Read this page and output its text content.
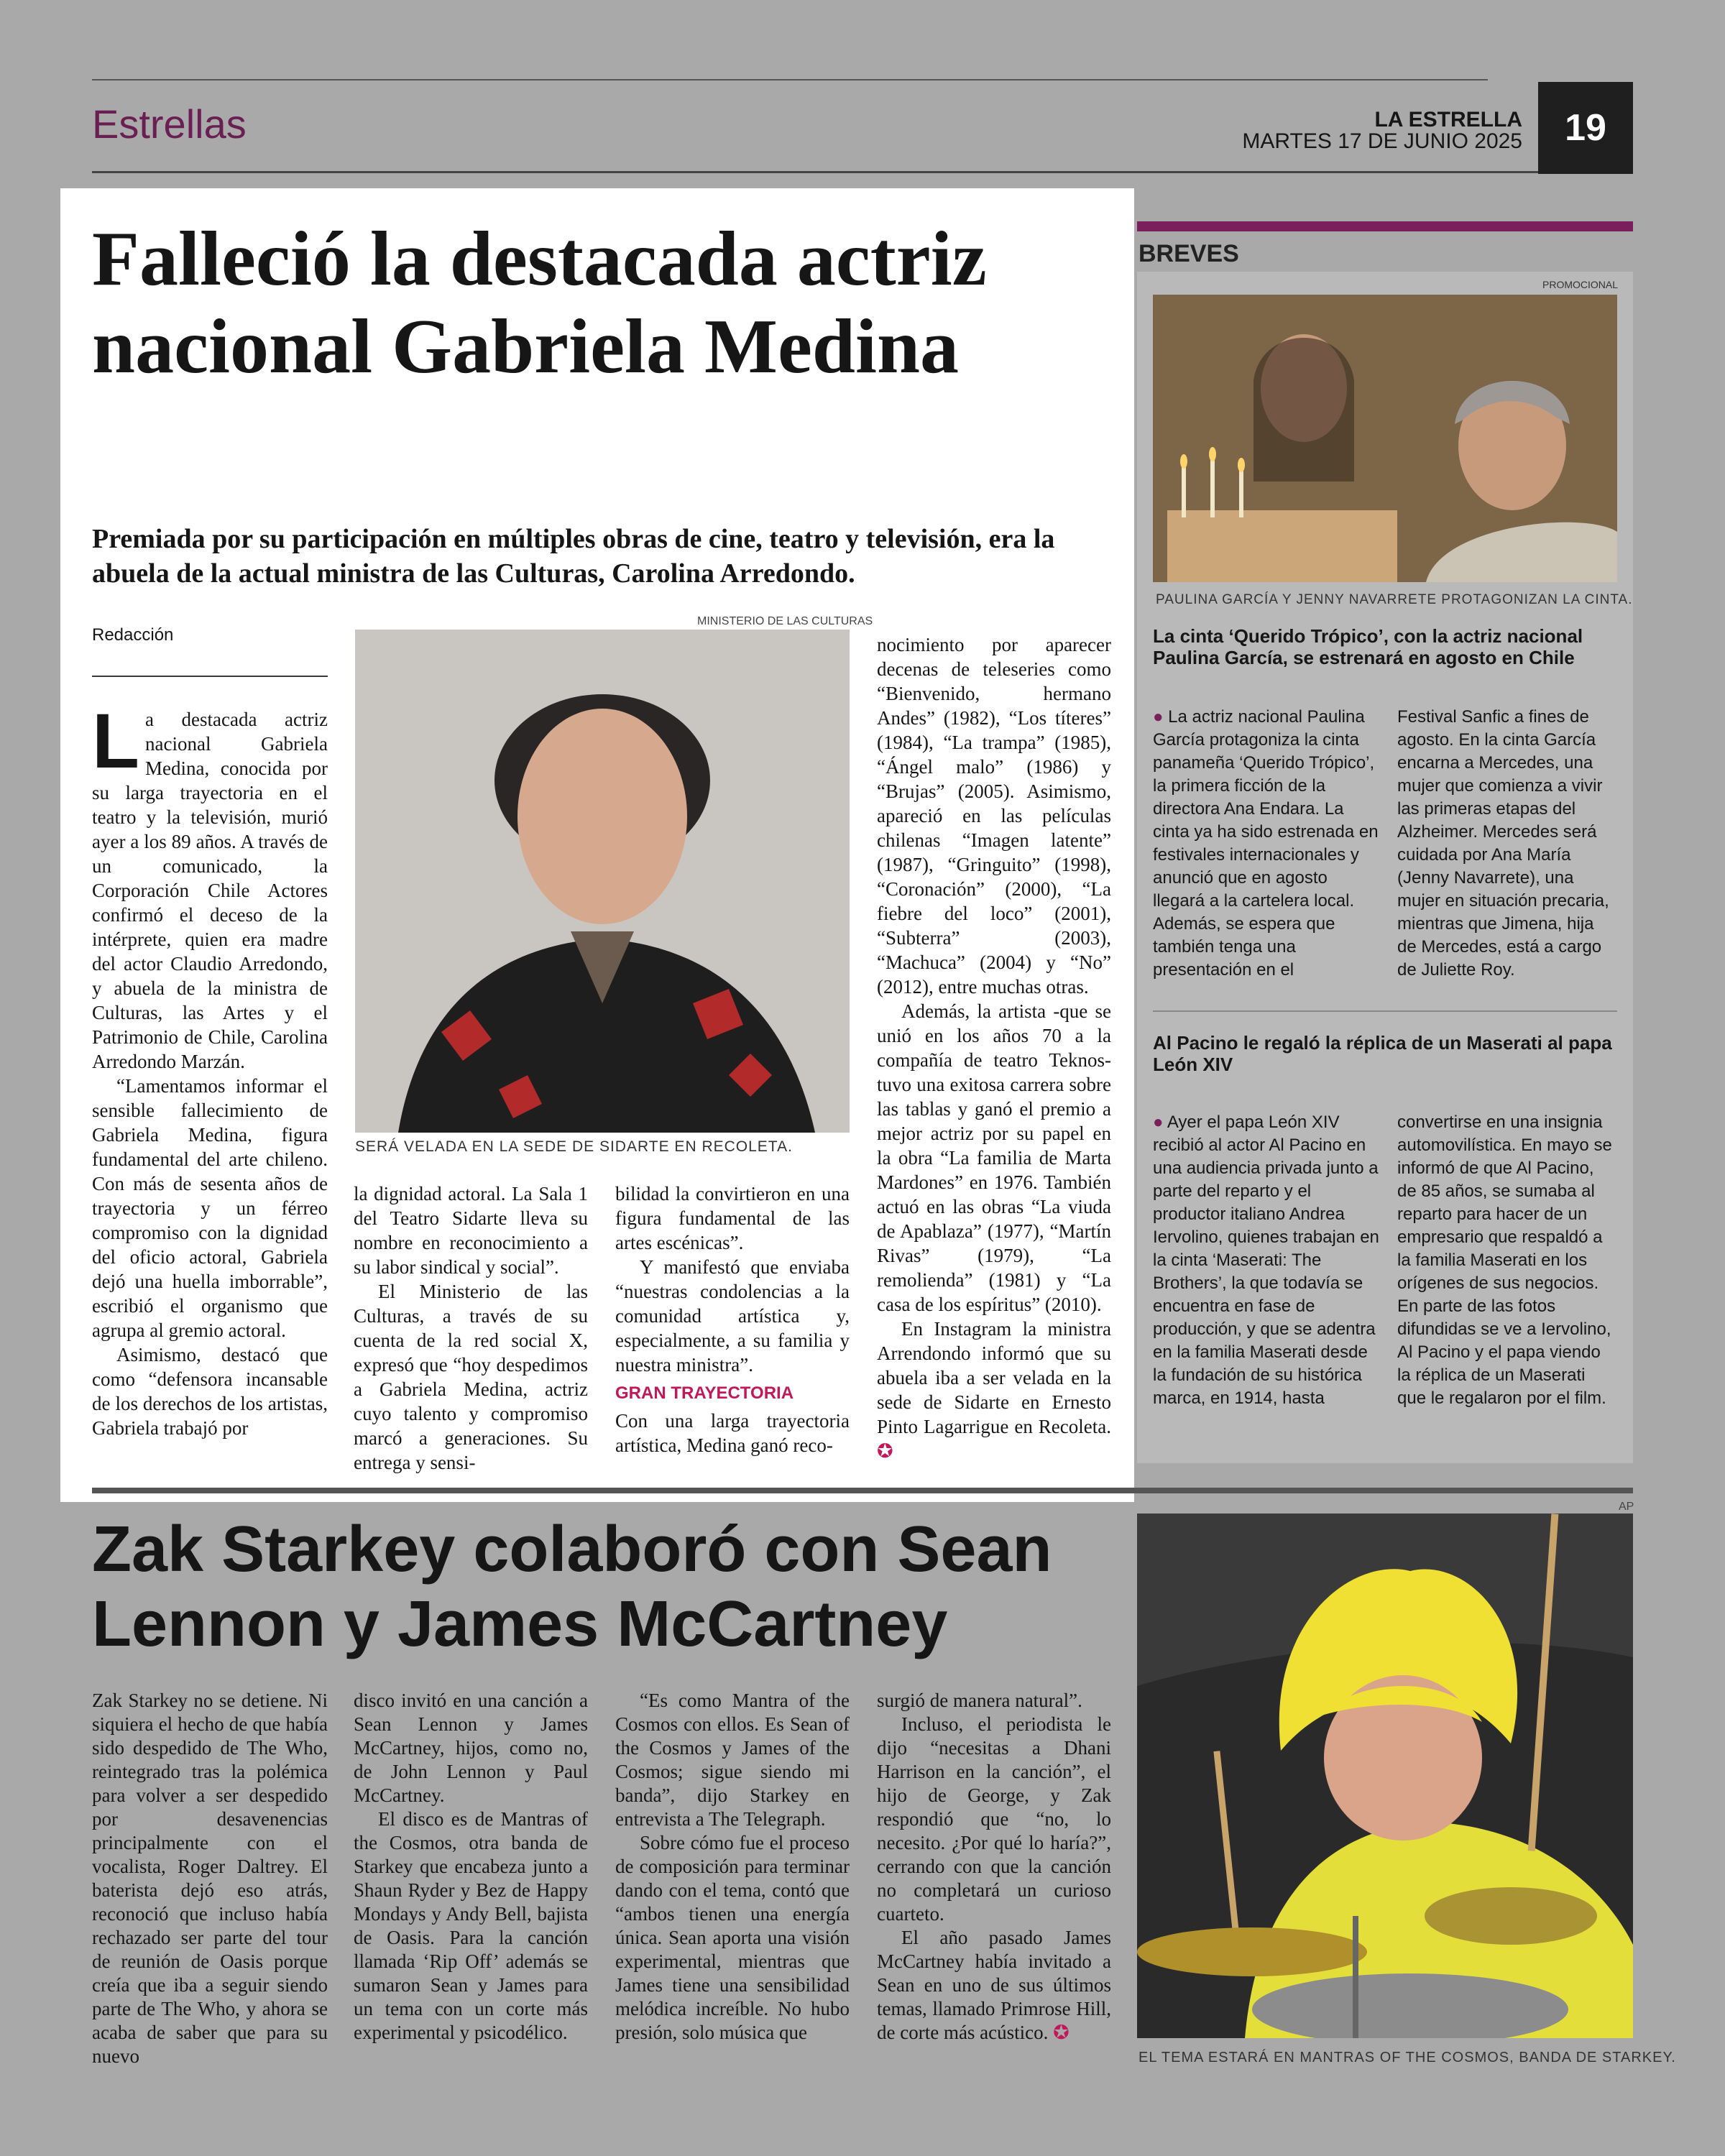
Estrellas	LA ESTRELLA
MARTES 17 DE JUNIO 2025	19
Falleció la destacada actriz nacional Gabriela Medina

Premiada por su participación en múltiples obras de cine, teatro y televisión, era la abuela de la actual ministra de las Culturas, Carolina Arredondo.

Redacción
MINISTERIO DE LAS CULTURAS
SERÁ VELADA EN LA SEDE DE SIDARTE EN RECOLETA.

La destacada actriz nacional Gabriela Medina, conocida por su larga trayectoria en el teatro y la televisión, murió ayer a los 89 años. A través de un comunicado, la Corporación Chile Actores confirmó el deceso de la intérprete, quien era madre del actor Claudio Arredondo, y abuela de la ministra de Culturas, las Artes y el Patrimonio de Chile, Carolina Arredondo Marzán.

“Lamentamos informar el sensible fallecimiento de Gabriela Medina, figura fundamental del arte chileno. Con más de sesenta años de trayectoria y un férreo compromiso con la dignidad del oficio actoral, Gabriela dejó una huella imborrable”, escribió el organismo que agrupa al gremio actoral.

Asimismo, destacó que como “defensora incansable de los derechos de los artistas, Gabriela trabajó por

la dignidad actoral. La Sala 1 del Teatro Sidarte lleva su nombre en reconocimiento a su labor sindical y social”.

El Ministerio de las Culturas, a través de su cuenta de la red social X, expresó que “hoy despedimos a Gabriela Medina, actriz cuyo talento y compromiso marcó a generaciones. Su entrega y sensi-

bilidad la convirtieron en una figura fundamental de las artes escénicas”.

Y manifestó que enviaba “nuestras condolencias a la comunidad artística y, especialmente, a su familia y nuestra ministra”.

GRAN TRAYECTORIA

Con una larga trayectoria artística, Medina ganó reco-

nocimiento por aparecer decenas de teleseries como “Bienvenido, hermano Andes” (1982), “Los títeres” (1984), “La trampa” (1985), “Ángel malo” (1986) y “Brujas” (2005). Asimismo, apareció en las películas chilenas “Imagen latente” (1987), “Gringuito” (1998), “Coronación” (2000), “La fiebre del loco” (2001), “Subterra” (2003), “Machuca” (2004) y “No” (2012), entre muchas otras.

Además, la artista -que se unió en los años 70 a la compañía de teatro Teknos- tuvo una exitosa carrera sobre las tablas y ganó el premio a mejor actriz por su papel en la obra “La familia de Marta Mardones” en 1976. También actuó en las obras “La viuda de Apablaza” (1977), “Martín Rivas” (1979), “La remolienda” (1981) y “La casa de los espíritus” (2010).

En Instagram la ministra Arrendondo informó que su abuela iba a ser velada en la sede de Sidarte en Ernesto Pinto Lagarrigue en Recoleta. ✪

BREVES
PROMOCIONAL
PAULINA GARCÍA Y JENNY NAVARRETE PROTAGONIZAN LA CINTA.
La cinta ‘Querido Trópico’, con la actriz nacional Paulina García, se estrenará en agosto en Chile
● La actriz nacional Paulina García protagoniza la cinta panameña ‘Querido Trópico’, la primera ficción de la directora Ana Endara. La cinta ya ha sido estrenada en festivales internacionales y anunció que en agosto llegará a la cartelera local. Además, se espera que también tenga una presentación en el
Festival Sanfic a fines de agosto. En la cinta García encarna a Mercedes, una mujer que comienza a vivir las primeras etapas del Alzheimer. Mercedes será cuidada por Ana María (Jenny Navarrete), una mujer en situación precaria, mientras que Jimena, hija de Mercedes, está a cargo de Juliette Roy.
Al Pacino le regaló la réplica de un Maserati al papa León XIV
● Ayer el papa León XIV recibió al actor Al Pacino en una audiencia privada junto a parte del reparto y el productor italiano Andrea Iervolino, quienes trabajan en la cinta ‘Maserati: The Brothers’, la que todavía se encuentra en fase de producción, y que se adentra en la familia Maserati desde la fundación de su histórica marca, en 1914, hasta
convertirse en una insignia automovilística. En mayo se informó de que Al Pacino, de 85 años, se sumaba al reparto para hacer de un empresario que respaldó a la familia Maserati en los orígenes de sus negocios. En parte de las fotos difundidas se ve a Iervolino, Al Pacino y el papa viendo la réplica de un Maserati que le regalaron por el film.
Zak Starkey colaboró con Sean Lennon y James McCartney

Zak Starkey no se detiene. Ni siquiera el hecho de que había sido despedido de The Who, reintegrado tras la polémica para volver a ser despedido por desavenencias principalmente con el vocalista, Roger Daltrey. El baterista dejó eso atrás, reconoció que incluso había rechazado ser parte del tour de reunión de Oasis porque creía que iba a seguir siendo parte de The Who, y ahora se acaba de saber que para su nuevo

disco invitó en una canción a Sean Lennon y James McCartney, hijos, como no, de John Lennon y Paul McCartney.

El disco es de Mantras of the Cosmos, otra banda de Starkey que encabeza junto a Shaun Ryder y Bez de Happy Mondays y Andy Bell, bajista de Oasis. Para la canción llamada ‘Rip Off’ además se sumaron Sean y James para un tema con un corte más experimental y psicodélico.

“Es como Mantra of the Cosmos con ellos. Es Sean of the Cosmos y James of the Cosmos; sigue siendo mi banda”, dijo Starkey en entrevista a The Telegraph.

Sobre cómo fue el proceso de composición para terminar dando con el tema, contó que “ambos tienen una energía única. Sean aporta una visión experimental, mientras que James tiene una sensibilidad melódica increíble. No hubo presión, solo música que

surgió de manera natural”.

Incluso, el periodista le dijo “necesitas a Dhani Harrison en la canción”, el hijo de George, y Zak respondió que “no, lo necesito. ¿Por qué lo haría?”, cerrando con que la canción no completará un curioso cuarteto.

El año pasado James McCartney había invitado a Sean en uno de sus últimos temas, llamado Primrose Hill, de corte más acústico. ✪

AP
EL TEMA ESTARÁ EN MANTRAS OF THE COSMOS, BANDA DE STARKEY.
